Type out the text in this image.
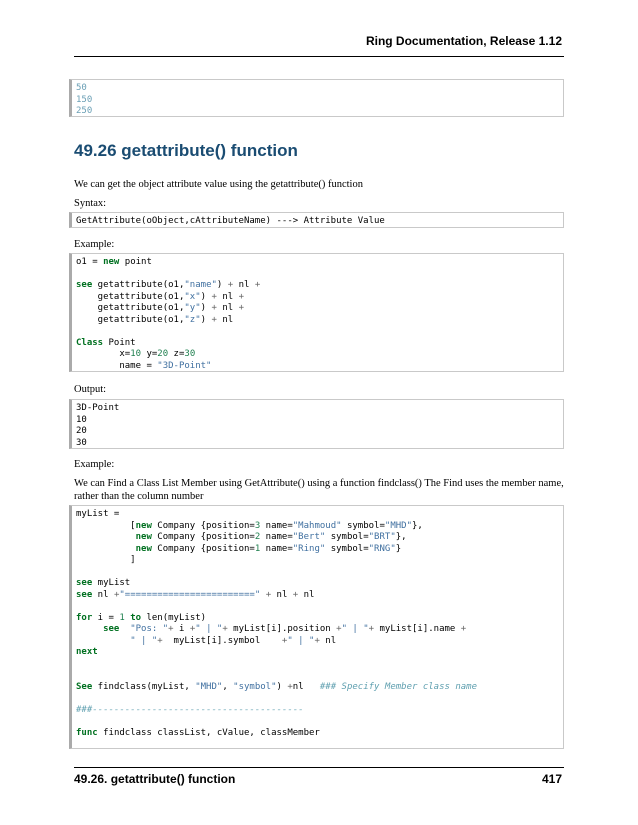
Ring Documentation, Release 1.12
50
150
250
49.26 getattribute() function

We can get the object attribute value using the getattribute() function

Syntax:

GetAttribute(oObject,cAttributeName) ---> Attribute Value

Example:

o1 = new point

see getattribute(o1,"name") + nl +
getattribute(o1,"x") + nl +
getattribute(o1,"y") + nl +
getattribute(o1,"z") + nl

Class Point
x=10 y=20 z=30
name = "3D-Point"

Output:

3D-Point
10
20
30

Example:

We can Find a Class List Member using GetAttribute() using a function findclass() The Find uses the member name, rather than the column number

myList =
[new Company {position=3 name="Mahmoud" symbol="MHD"},
new Company {position=2 name="Bert" symbol="BRT"},
new Company {position=1 name="Ring" symbol="RNG"}
]

see myList
see nl +"========================" + nl + nl

for i = 1 to len(myList)
see "Pos: "+ i +" | "+ myList[i].position +" | "+ myList[i].name +
" | "+  myList[i].symbol    +" | "+ nl
next

See findclass(myList, "MHD", "symbol") +nl   ### Specify Member class name

###---------------------------------------

func findclass classList, cValue, classMember

49.26. getattribute() function	417
